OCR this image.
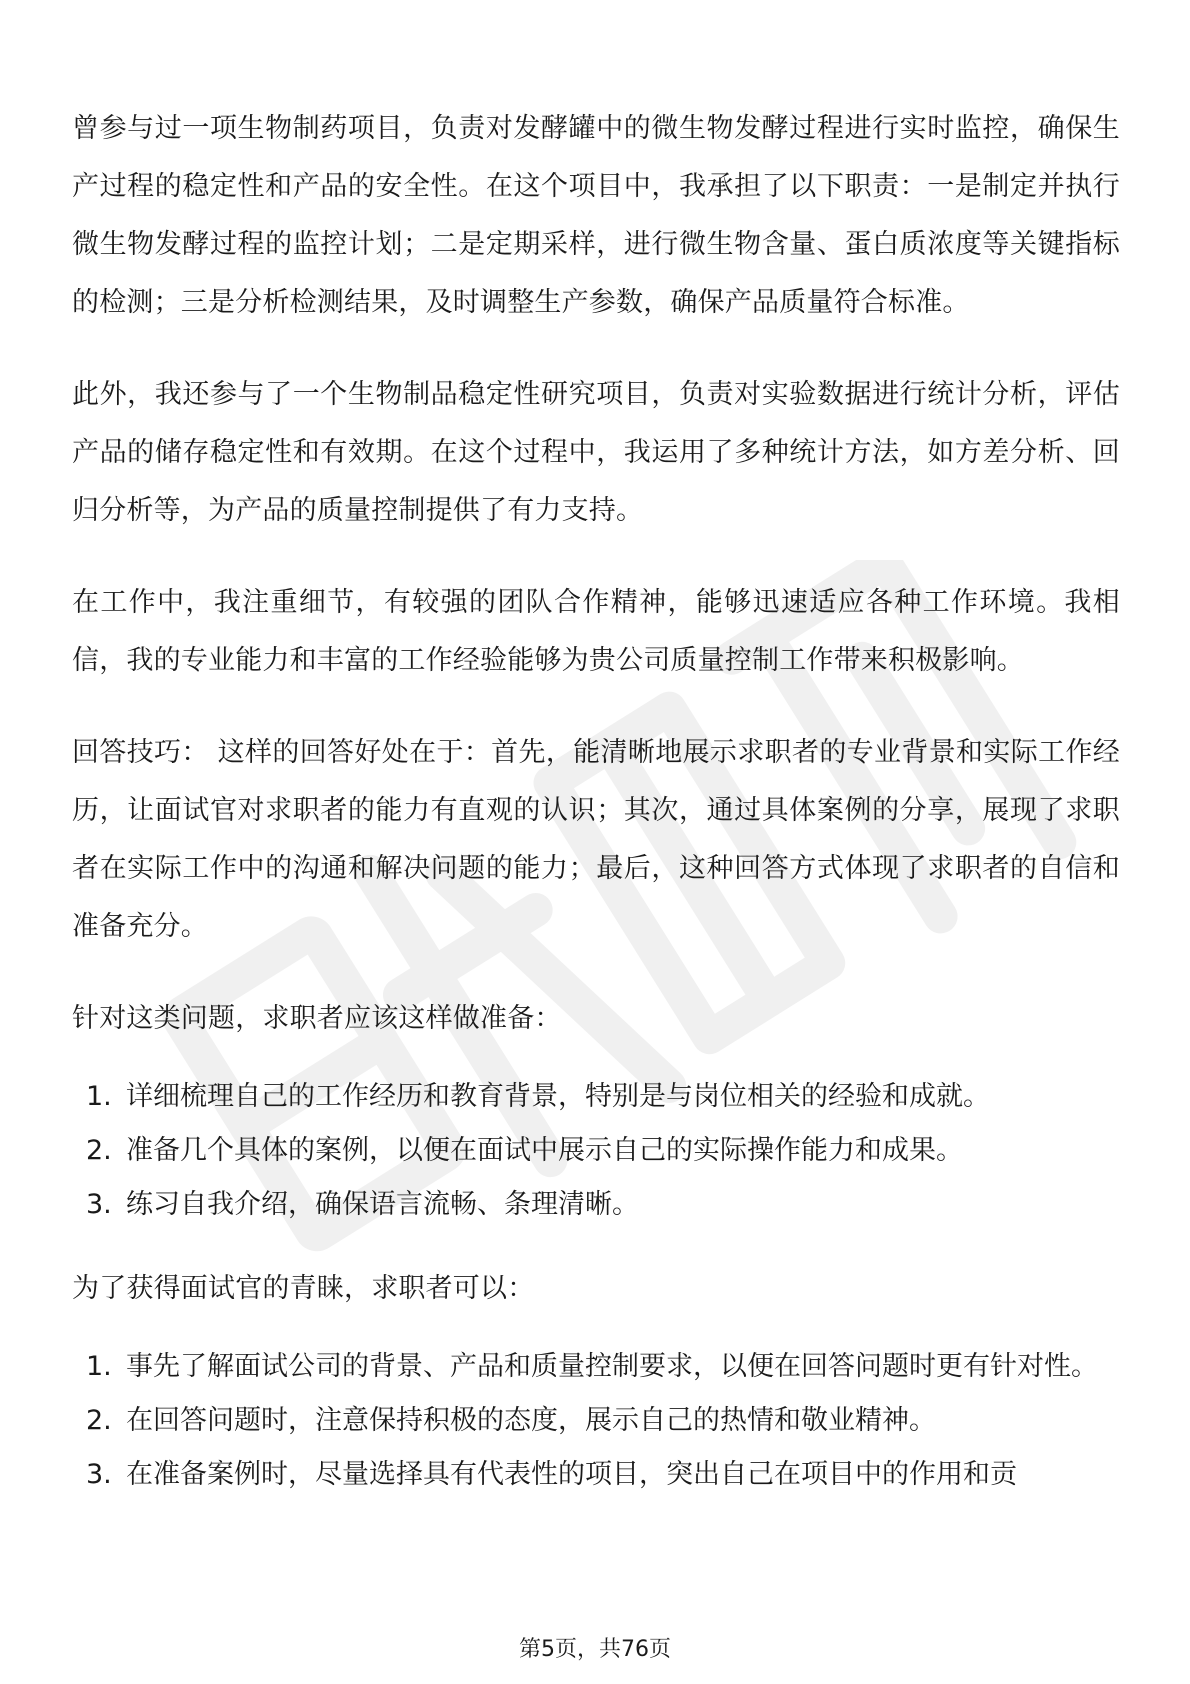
曾参与过一项生物制药项目，负责对发酵罐中的微生物发酵过程进行实时监控，确保生产过程的稳定性和产品的安全性。在这个项目中，我承担了以下职责：一是制定并执行微生物发酵过程的监控计划；二是定期采样，进行微生物含量、蛋白质浓度等关键指标的检测；三是分析检测结果，及时调整生产参数，确保产品质量符合标准。

此外，我还参与了一个生物制品稳定性研究项目，负责对实验数据进行统计分析，评估产品的储存稳定性和有效期。在这个过程中，我运用了多种统计方法，如方差分析、回归分析等，为产品的质量控制提供了有力支持。

在工作中，我注重细节，有较强的团队合作精神，能够迅速适应各种工作环境。我相信，我的专业能力和丰富的工作经验能够为贵公司质量控制工作带来积极影响。

回答技巧： 这样的回答好处在于：首先，能清晰地展示求职者的专业背景和实际工作经历，让面试官对求职者的能力有直观的认识；其次，通过具体案例的分享，展现了求职者在实际工作中的沟通和解决问题的能力；最后，这种回答方式体现了求职者的自信和准备充分。

针对这类问题，求职者应该这样做准备：

1. 详细梳理自己的工作经历和教育背景，特别是与岗位相关的经验和成就。
2. 准备几个具体的案例，以便在面试中展示自己的实际操作能力和成果。
3. 练习自我介绍，确保语言流畅、条理清晰。

为了获得面试官的青睐，求职者可以：

1. 事先了解面试公司的背景、产品和质量控制要求，以便在回答问题时更有针对性。
2. 在回答问题时，注意保持积极的态度，展示自己的热情和敬业精神。
3. 在准备案例时，尽量选择具有代表性的项目，突出自己在项目中的作用和贡
第5页，共76页
